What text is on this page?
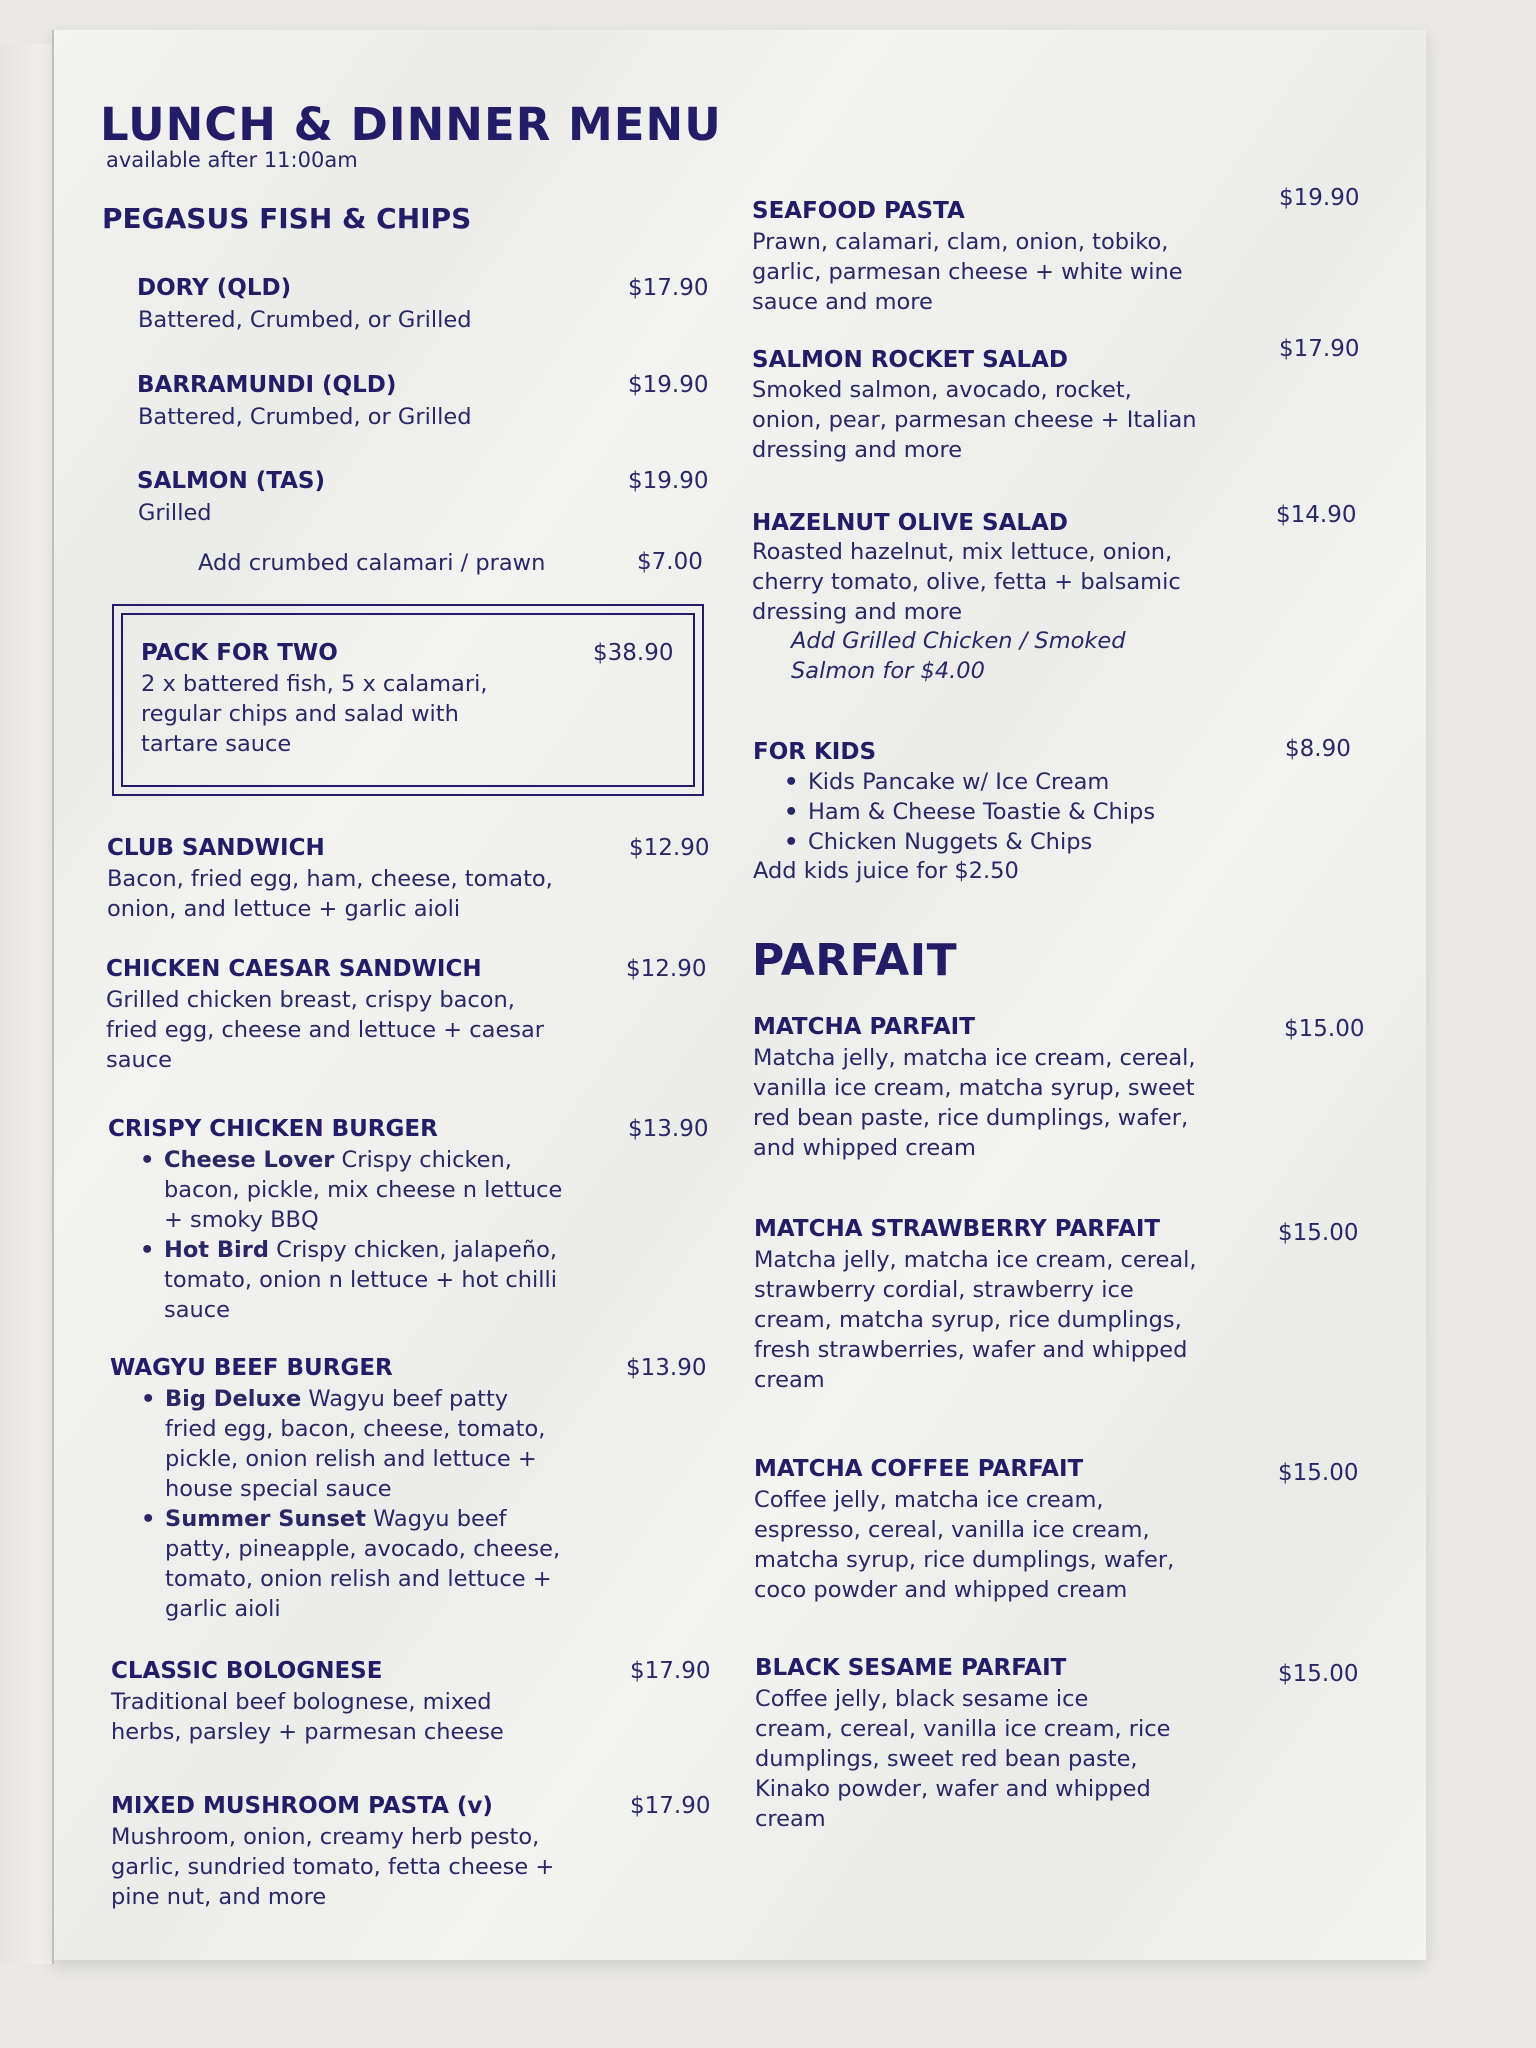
LUNCH & DINNER MENU
available after 11:00am
PEGASUS FISH & CHIPS
DORY (QLD)	$17.90
Battered, Crumbed, or Grilled
BARRAMUNDI (QLD)	$19.90
Battered, Crumbed, or Grilled
SALMON (TAS)	$19.90
Grilled
Add crumbed calamari / prawn	$7.00
PACK FOR TWO	$38.90
2 x battered fish, 5 x calamari,
regular chips and salad with
tartare sauce
CLUB SANDWICH	$12.90
Bacon, fried egg, ham, cheese, tomato,
onion, and lettuce + garlic aioli
CHICKEN CAESAR SANDWICH	$12.90
Grilled chicken breast, crispy bacon,
fried egg, cheese and lettuce + caesar
sauce
CRISPY CHICKEN BURGER	$13.90
• Cheese Lover Crispy chicken,
bacon, pickle, mix cheese n lettuce
+ smoky BBQ
• Hot Bird Crispy chicken, jalapeño,
tomato, onion n lettuce + hot chilli
sauce
WAGYU BEEF BURGER	$13.90
• Big Deluxe Wagyu beef patty
fried egg, bacon, cheese, tomato,
pickle, onion relish and lettuce +
house special sauce
• Summer Sunset Wagyu beef
patty, pineapple, avocado, cheese,
tomato, onion relish and lettuce +
garlic aioli
CLASSIC BOLOGNESE	$17.90
Traditional beef bolognese, mixed
herbs, parsley + parmesan cheese
MIXED MUSHROOM PASTA (v)	$17.90
Mushroom, onion, creamy herb pesto,
garlic, sundried tomato, fetta cheese +
pine nut, and more
SEAFOOD PASTA	$19.90
Prawn, calamari, clam, onion, tobiko,
garlic, parmesan cheese + white wine
sauce and more
SALMON ROCKET SALAD	$17.90
Smoked salmon, avocado, rocket,
onion, pear, parmesan cheese + Italian
dressing and more
HAZELNUT OLIVE SALAD	$14.90
Roasted hazelnut, mix lettuce, onion,
cherry tomato, olive, fetta + balsamic
dressing and more
Add Grilled Chicken / Smoked
Salmon for $4.00
FOR KIDS	$8.90
• Kids Pancake w/ Ice Cream
• Ham & Cheese Toastie & Chips
• Chicken Nuggets & Chips
Add kids juice for $2.50
PARFAIT
MATCHA PARFAIT	$15.00
Matcha jelly, matcha ice cream, cereal,
vanilla ice cream, matcha syrup, sweet
red bean paste, rice dumplings, wafer,
and whipped cream
MATCHA STRAWBERRY PARFAIT	$15.00
Matcha jelly, matcha ice cream, cereal,
strawberry cordial, strawberry ice
cream, matcha syrup, rice dumplings,
fresh strawberries, wafer and whipped
cream
MATCHA COFFEE PARFAIT	$15.00
Coffee jelly, matcha ice cream,
espresso, cereal, vanilla ice cream,
matcha syrup, rice dumplings, wafer,
coco powder and whipped cream
BLACK SESAME PARFAIT	$15.00
Coffee jelly, black sesame ice
cream, cereal, vanilla ice cream, rice
dumplings, sweet red bean paste,
Kinako powder, wafer and whipped
cream
